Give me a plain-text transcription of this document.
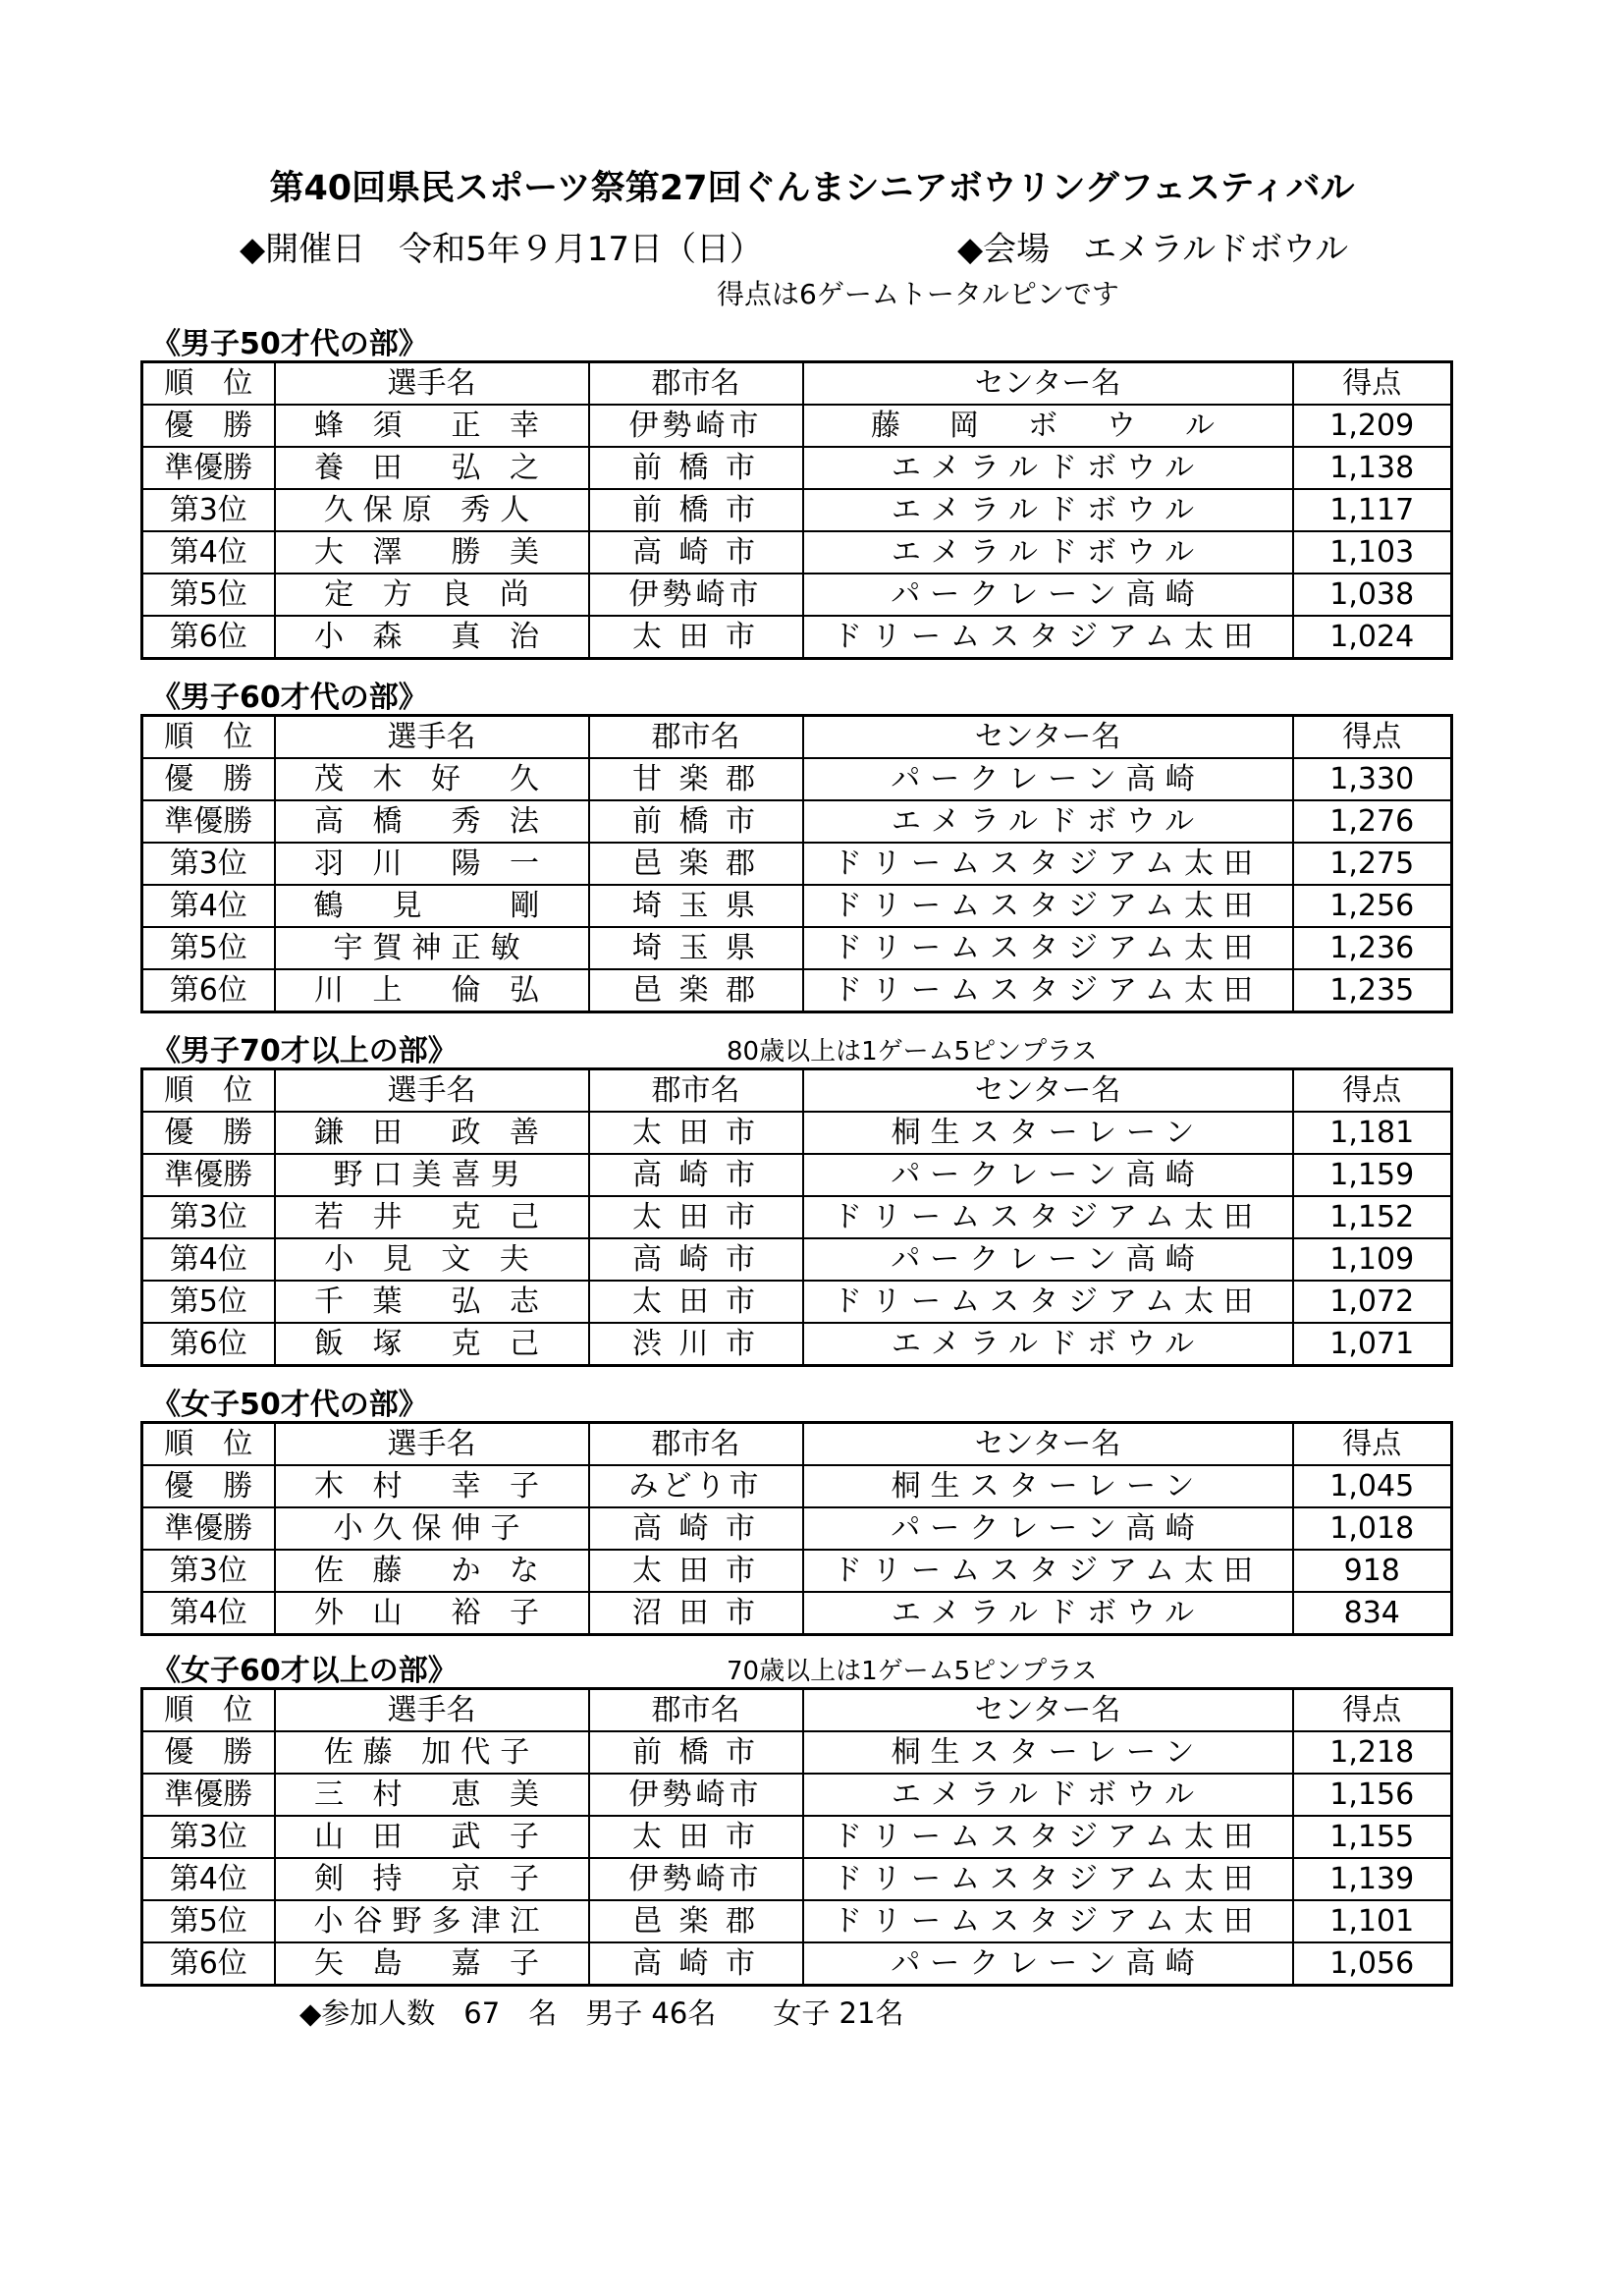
第40回県民スポーツ祭第27回ぐんまシニアボウリングフェスティバル
◆開催日　令和5年９月17日（日）	◆会場　エメラルドボウル
得点は6ゲームトータルピンです
《男子50才代の部》
順　位	選手名	郡市名	センター名	得点
優　勝	蜂 須　正 幸	伊勢崎市	藤　岡　ボ　ウ　ル	1,209
準優勝	養 田　弘 之	前 橋 市	エメラルドボウル	1,138
第3位	久保原 秀人	前 橋 市	エメラルドボウル	1,117
第4位	大 澤　勝 美	高 崎 市	エメラルドボウル	1,103
第5位	定 方 良 尚	伊勢崎市	パークレーン高崎	1,038
第6位	小 森　真 治	太 田 市	ドリームスタジアム太田	1,024
《男子60才代の部》
順　位	選手名	郡市名	センター名	得点
優　勝	茂 木 好　久	甘 楽 郡	パークレーン高崎	1,330
準優勝	高 橋　秀 法	前 橋 市	エメラルドボウル	1,276
第3位	羽 川　陽 一	邑 楽 郡	ドリームスタジアム太田	1,275
第4位	鶴　見　　剛	埼 玉 県	ドリームスタジアム太田	1,256
第5位	宇賀神正敏	埼 玉 県	ドリームスタジアム太田	1,236
第6位	川 上　倫 弘	邑 楽 郡	ドリームスタジアム太田	1,235
《男子70才以上の部》	80歳以上は1ゲーム5ピンプラス
順　位	選手名	郡市名	センター名	得点
優　勝	鎌 田　政 善	太 田 市	桐生スターレーン	1,181
準優勝	野口美喜男	高 崎 市	パークレーン高崎	1,159
第3位	若 井　克 己	太 田 市	ドリームスタジアム太田	1,152
第4位	小 見 文 夫	高 崎 市	パークレーン高崎	1,109
第5位	千 葉　弘 志	太 田 市	ドリームスタジアム太田	1,072
第6位	飯 塚　克 己	渋 川 市	エメラルドボウル	1,071
《女子50才代の部》
順　位	選手名	郡市名	センター名	得点
優　勝	木 村　幸 子	みどり市	桐生スターレーン	1,045
準優勝	小久保伸子	高 崎 市	パークレーン高崎	1,018
第3位	佐 藤　か な	太 田 市	ドリームスタジアム太田	918
第4位	外 山　裕 子	沼 田 市	エメラルドボウル	834
《女子60才以上の部》	70歳以上は1ゲーム5ピンプラス
順　位	選手名	郡市名	センター名	得点
優　勝	佐藤 加代子	前 橋 市	桐生スターレーン	1,218
準優勝	三 村　恵 美	伊勢崎市	エメラルドボウル	1,156
第3位	山 田　武 子	太 田 市	ドリームスタジアム太田	1,155
第4位	剣 持　京 子	伊勢崎市	ドリームスタジアム太田	1,139
第5位	小谷野多津江	邑 楽 郡	ドリームスタジアム太田	1,101
第6位	矢 島　嘉 子	高 崎 市	パークレーン高崎	1,056
◆参加人数　67　名　男子 46名　　女子 21名
